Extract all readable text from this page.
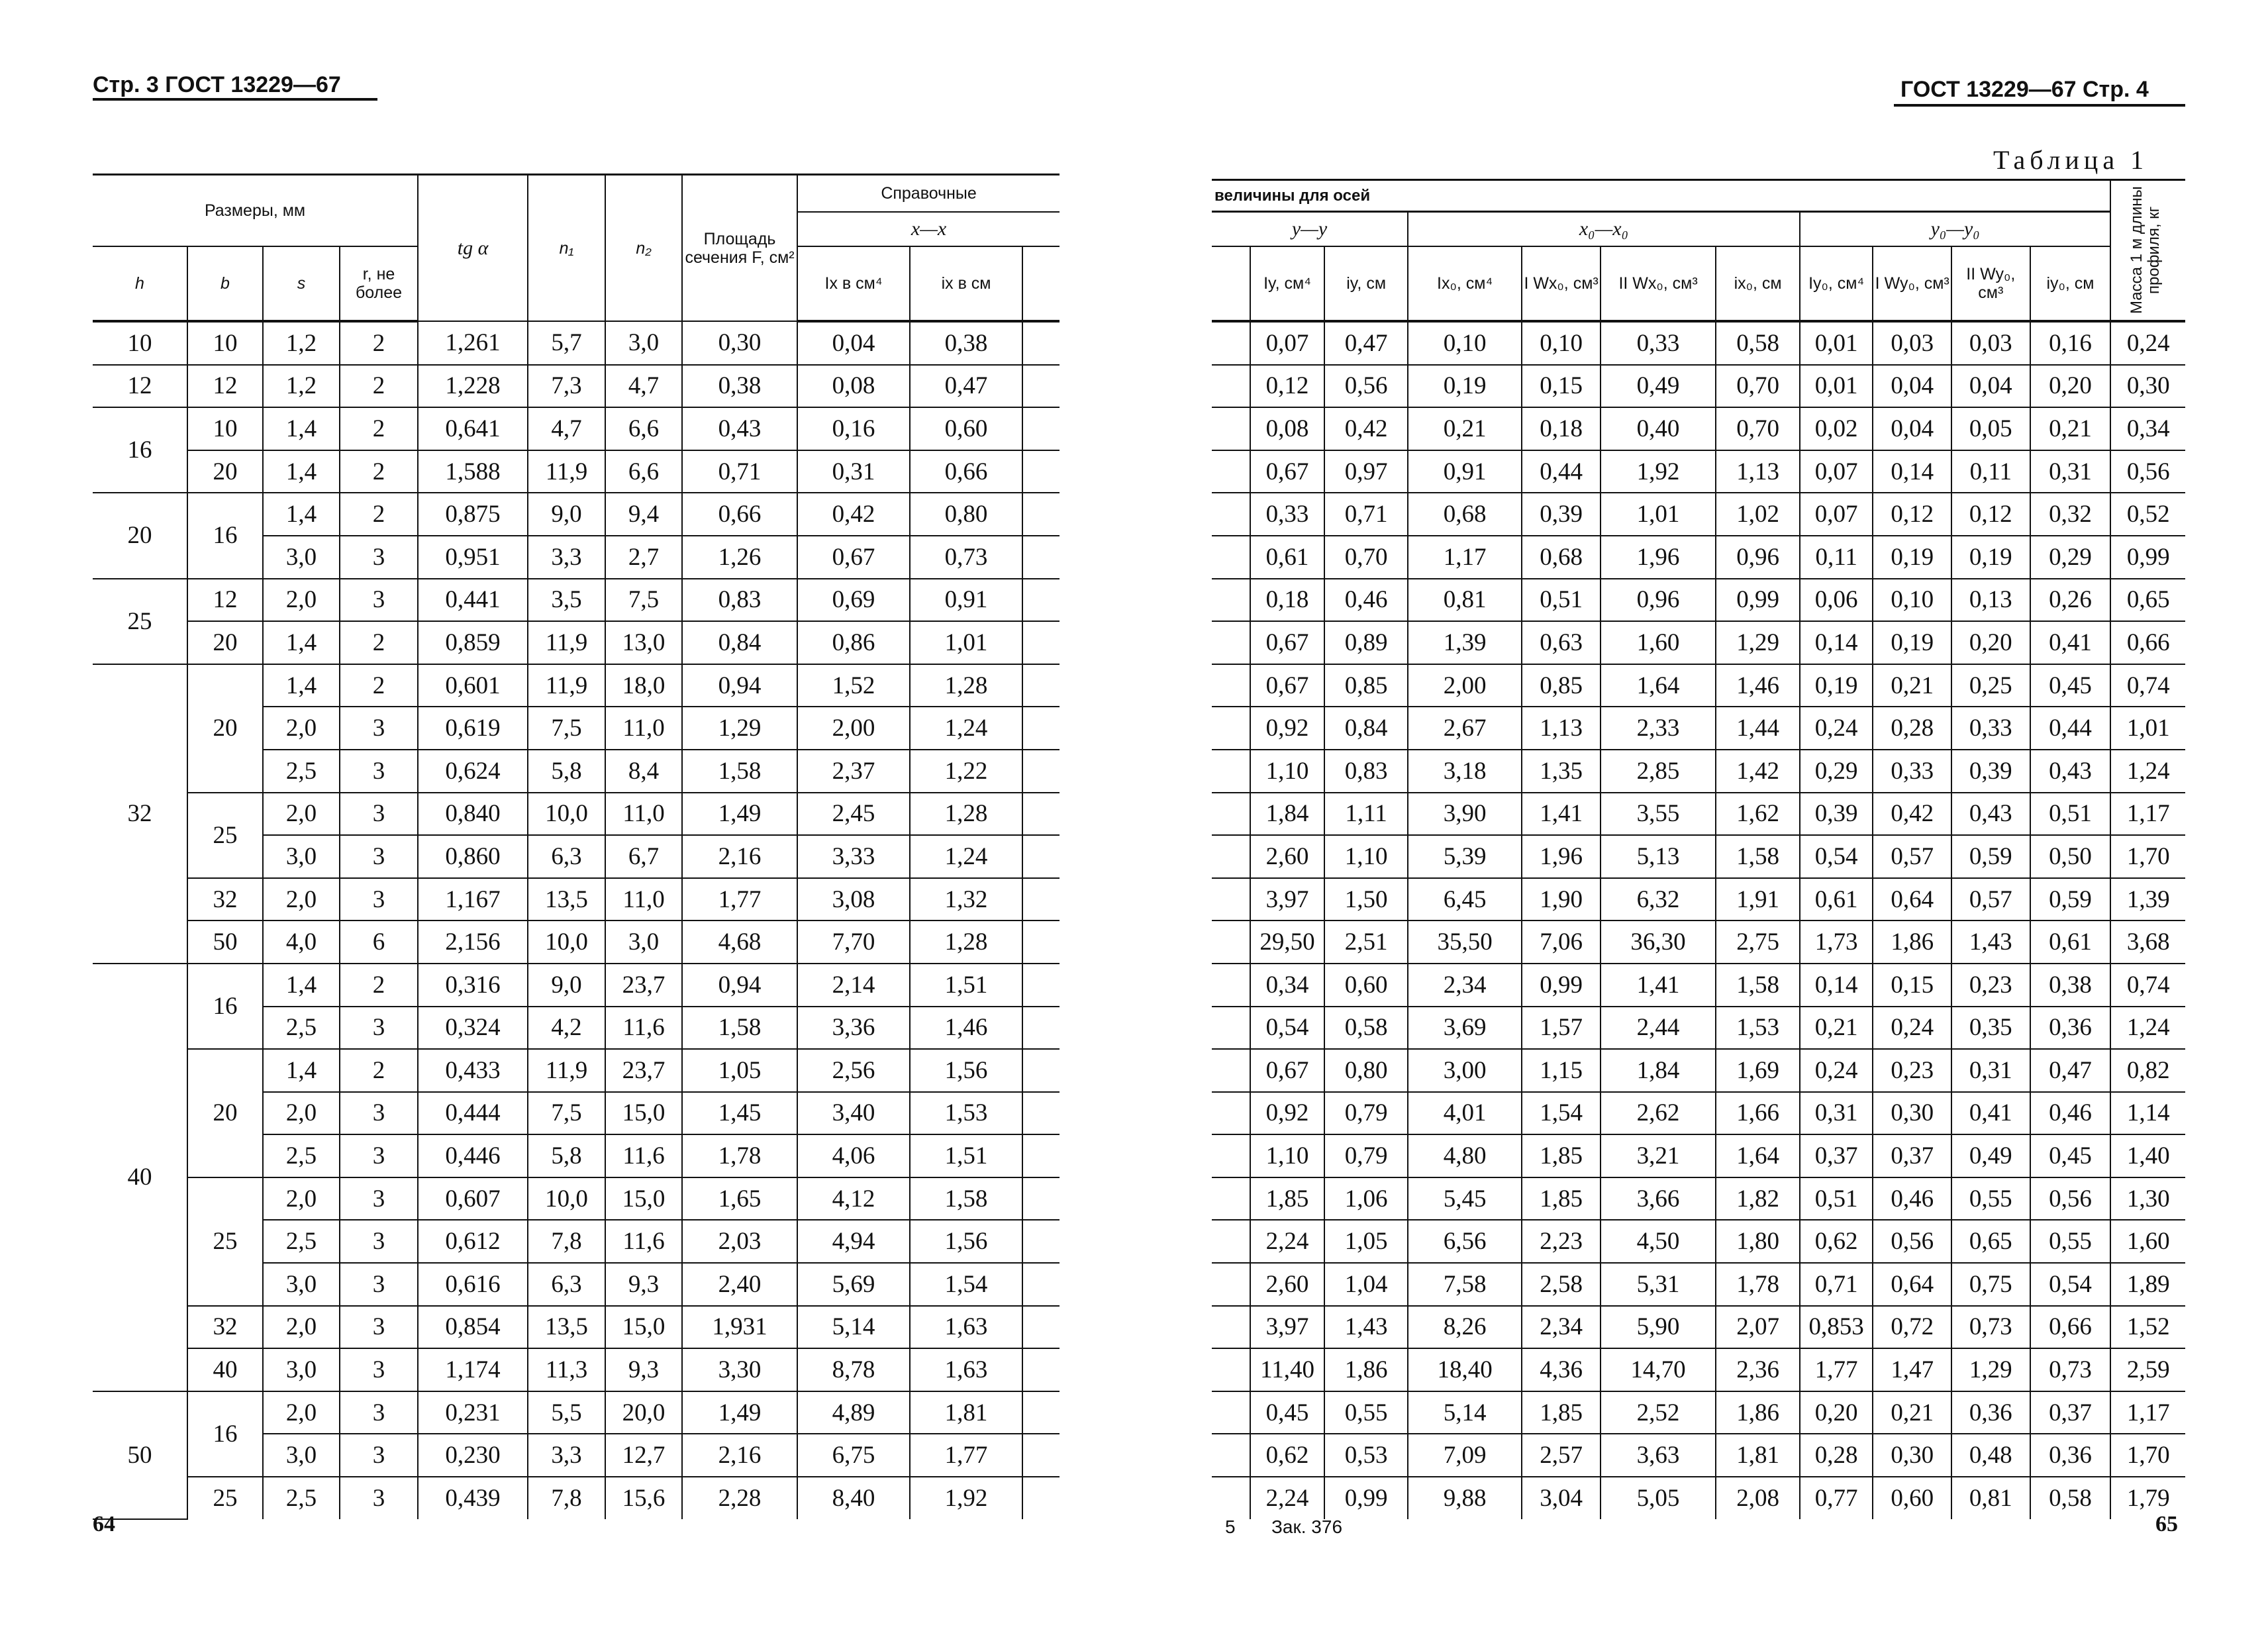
Стр. 3 ГОСТ 13229—67
Размеры, мм				tg α	n₁	n₂	Площадь сечения F, см²	Справочные		
								x—x		
h	b	s	r, не более					Ix в см⁴	ix в см	
10	10	1,2	2	1,261	5,7	3,0	0,30	0,04	0,38	
12	12	1,2	2	1,228	7,3	4,7	0,38	0,08	0,47	
16	10	1,4	2	0,641	4,7	6,6	0,43	0,16	0,60	
	20	1,4	2	1,588	11,9	6,6	0,71	0,31	0,66	
20	16	1,4	2	0,875	9,0	9,4	0,66	0,42	0,80	
		3,0	3	0,951	3,3	2,7	1,26	0,67	0,73	
25	12	2,0	3	0,441	3,5	7,5	0,83	0,69	0,91	
	20	1,4	2	0,859	11,9	13,0	0,84	0,86	1,01	
32	20	1,4	2	0,601	11,9	18,0	0,94	1,52	1,28	
		2,0	3	0,619	7,5	11,0	1,29	2,00	1,24	
		2,5	3	0,624	5,8	8,4	1,58	2,37	1,22	
	25	2,0	3	0,840	10,0	11,0	1,49	2,45	1,28	
		3,0	3	0,860	6,3	6,7	2,16	3,33	1,24	
	32	2,0	3	1,167	13,5	11,0	1,77	3,08	1,32	
	50	4,0	6	2,156	10,0	3,0	4,68	7,70	1,28	
40	16	1,4	2	0,316	9,0	23,7	0,94	2,14	1,51	
		2,5	3	0,324	4,2	11,6	1,58	3,36	1,46	
	20	1,4	2	0,433	11,9	23,7	1,05	2,56	1,56	
		2,0	3	0,444	7,5	15,0	1,45	3,40	1,53	
		2,5	3	0,446	5,8	11,6	1,78	4,06	1,51	
	25	2,0	3	0,607	10,0	15,0	1,65	4,12	1,58	
		2,5	3	0,612	7,8	11,6	2,03	4,94	1,56	
		3,0	3	0,616	6,3	9,3	2,40	5,69	1,54	
	32	2,0	3	0,854	13,5	15,0	1,931	5,14	1,63	
	40	3,0	3	1,174	11,3	9,3	3,30	8,78	1,63	
50	16	2,0	3	0,231	5,5	20,0	1,49	4,89	1,81	
		3,0	3	0,230	3,3	12,7	2,16	6,75	1,77	
	25	2,5	3	0,439	7,8	15,6	2,28	8,40	1,92	
64
ГОСТ 13229—67 Стр. 4
Таблица 1
величины для осей											Масса 1 м длины профиля, кг

y—y			x₀—x₀				y₀—y₀				
	Iy, см⁴	iy, см	Ix₀, см⁴	I Wx₀, см³	II Wx₀, см³	ix₀, см	Iy₀, см⁴	I Wy₀, см³	II Wy₀, см³	iy₀, см	
	0,07	0,47	0,10	0,10	0,33	0,58	0,01	0,03	0,03	0,16	0,24
	0,12	0,56	0,19	0,15	0,49	0,70	0,01	0,04	0,04	0,20	0,30
	0,08	0,42	0,21	0,18	0,40	0,70	0,02	0,04	0,05	0,21	0,34
	0,67	0,97	0,91	0,44	1,92	1,13	0,07	0,14	0,11	0,31	0,56
	0,33	0,71	0,68	0,39	1,01	1,02	0,07	0,12	0,12	0,32	0,52
	0,61	0,70	1,17	0,68	1,96	0,96	0,11	0,19	0,19	0,29	0,99
	0,18	0,46	0,81	0,51	0,96	0,99	0,06	0,10	0,13	0,26	0,65
	0,67	0,89	1,39	0,63	1,60	1,29	0,14	0,19	0,20	0,41	0,66
	0,67	0,85	2,00	0,85	1,64	1,46	0,19	0,21	0,25	0,45	0,74
	0,92	0,84	2,67	1,13	2,33	1,44	0,24	0,28	0,33	0,44	1,01
	1,10	0,83	3,18	1,35	2,85	1,42	0,29	0,33	0,39	0,43	1,24
	1,84	1,11	3,90	1,41	3,55	1,62	0,39	0,42	0,43	0,51	1,17
	2,60	1,10	5,39	1,96	5,13	1,58	0,54	0,57	0,59	0,50	1,70
	3,97	1,50	6,45	1,90	6,32	1,91	0,61	0,64	0,57	0,59	1,39
	29,50	2,51	35,50	7,06	36,30	2,75	1,73	1,86	1,43	0,61	3,68
	0,34	0,60	2,34	0,99	1,41	1,58	0,14	0,15	0,23	0,38	0,74
	0,54	0,58	3,69	1,57	2,44	1,53	0,21	0,24	0,35	0,36	1,24
	0,67	0,80	3,00	1,15	1,84	1,69	0,24	0,23	0,31	0,47	0,82
	0,92	0,79	4,01	1,54	2,62	1,66	0,31	0,30	0,41	0,46	1,14
	1,10	0,79	4,80	1,85	3,21	1,64	0,37	0,37	0,49	0,45	1,40
	1,85	1,06	5,45	1,85	3,66	1,82	0,51	0,46	0,55	0,56	1,30
	2,24	1,05	6,56	2,23	4,50	1,80	0,62	0,56	0,65	0,55	1,60
	2,60	1,04	7,58	2,58	5,31	1,78	0,71	0,64	0,75	0,54	1,89
	3,97	1,43	8,26	2,34	5,90	2,07	0,853	0,72	0,73	0,66	1,52
	11,40	1,86	18,40	4,36	14,70	2,36	1,77	1,47	1,29	0,73	2,59
	0,45	0,55	5,14	1,85	2,52	1,86	0,20	0,21	0,36	0,37	1,17
	0,62	0,53	7,09	2,57	3,63	1,81	0,28	0,30	0,48	0,36	1,70
	2,24	0,99	9,88	3,04	5,05	2,08	0,77	0,60	0,81	0,58	1,79
5 Зак. 376	65
